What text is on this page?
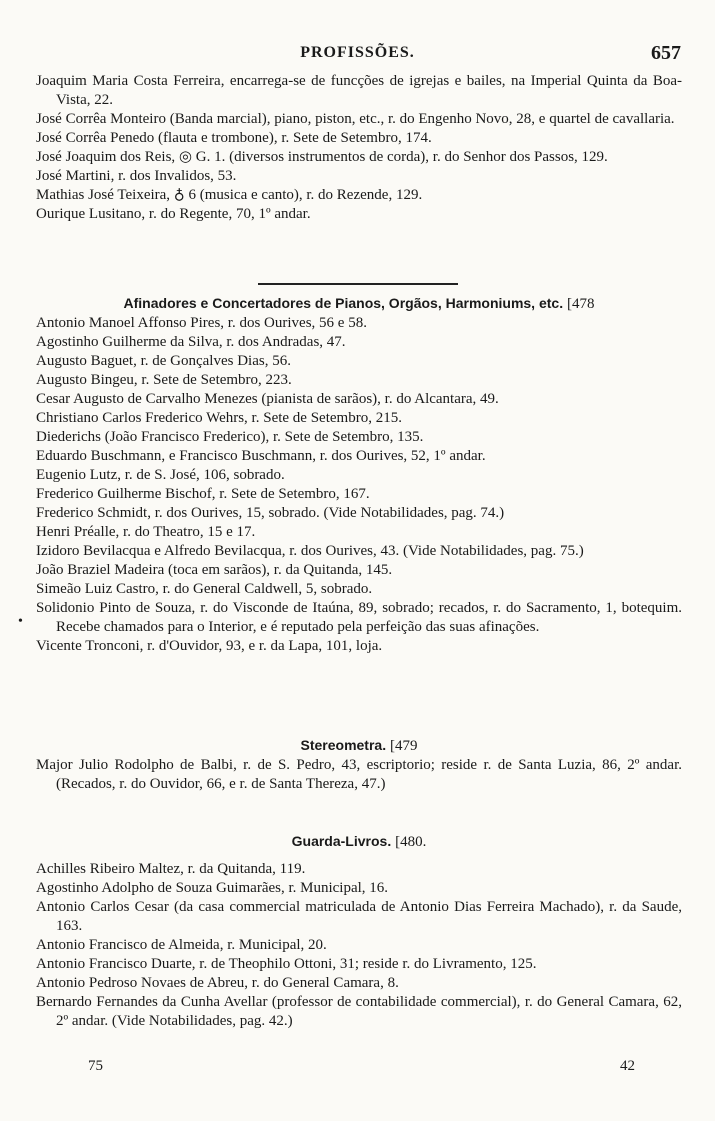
PROFISSÕES.	657
Joaquim Maria Costa Ferreira, encarrega-se de funcções de igrejas e bailes, na Imperial Quinta da Boa-Vista, 22.
José Corrêa Monteiro (Banda marcial), piano, piston, etc., r. do Engenho Novo, 28, e quartel de cavallaria.
José Corrêa Penedo (flauta e trombone), r. Sete de Setembro, 174.
José Joaquim dos Reis, ◎ G. 1. (diversos instrumentos de corda), r. do Senhor dos Passos, 129.
José Martini, r. dos Invalidos, 53.
Mathias José Teixeira, ♁ 6 (musica e canto), r. do Rezende, 129.
Ourique Lusitano, r. do Regente, 70, 1º andar.
Afinadores e Concertadores de Pianos, Orgãos, Harmoniums, etc. [478
Antonio Manoel Affonso Pires, r. dos Ourives, 56 e 58.
Agostinho Guilherme da Silva, r. dos Andradas, 47.
Augusto Baguet, r. de Gonçalves Dias, 56.
Augusto Bingeu, r. Sete de Setembro, 223.
Cesar Augusto de Carvalho Menezes (pianista de sarãos), r. do Alcantara, 49.
Christiano Carlos Frederico Wehrs, r. Sete de Setembro, 215.
Diederichs (João Francisco Frederico), r. Sete de Setembro, 135.
Eduardo Buschmann, e Francisco Buschmann, r. dos Ourives, 52, 1º andar.
Eugenio Lutz, r. de S. José, 106, sobrado.
Frederico Guilherme Bischof, r. Sete de Setembro, 167.
Frederico Schmidt, r. dos Ourives, 15, sobrado. (Vide Notabilidades, pag. 74.)
Henri Préalle, r. do Theatro, 15 e 17.
Izidoro Bevilacqua e Alfredo Bevilacqua, r. dos Ourives, 43. (Vide Notabilidades, pag. 75.)
João Braziel Madeira (toca em sarãos), r. da Quitanda, 145.
Simeão Luiz Castro, r. do General Caldwell, 5, sobrado.
Solidonio Pinto de Souza, r. do Visconde de Itaúna, 89, sobrado; recados, r. do Sacramento, 1, botequim. Recebe chamados para o Interior, e é reputado pela perfeição das suas afinações.
Vicente Tronconi, r. d'Ouvidor, 93, e r. da Lapa, 101, loja.
•
Stereometra. [479
Major Julio Rodolpho de Balbi, r. de S. Pedro, 43, escriptorio; reside r. de Santa Luzia, 86, 2º andar. (Recados, r. do Ouvidor, 66, e r. de Santa Thereza, 47.)
Guarda-Livros. [480.
Achilles Ribeiro Maltez, r. da Quitanda, 119.
Agostinho Adolpho de Souza Guimarães, r. Municipal, 16.
Antonio Carlos Cesar (da casa commercial matriculada de Antonio Dias Ferreira Machado), r. da Saude, 163.
Antonio Francisco de Almeida, r. Municipal, 20.
Antonio Francisco Duarte, r. de Theophilo Ottoni, 31; reside r. do Livramento, 125.
Antonio Pedroso Novaes de Abreu, r. do General Camara, 8.
Bernardo Fernandes da Cunha Avellar (professor de contabilidade commercial), r. do General Camara, 62, 2º andar. (Vide Notabilidades, pag. 42.)
75	42
